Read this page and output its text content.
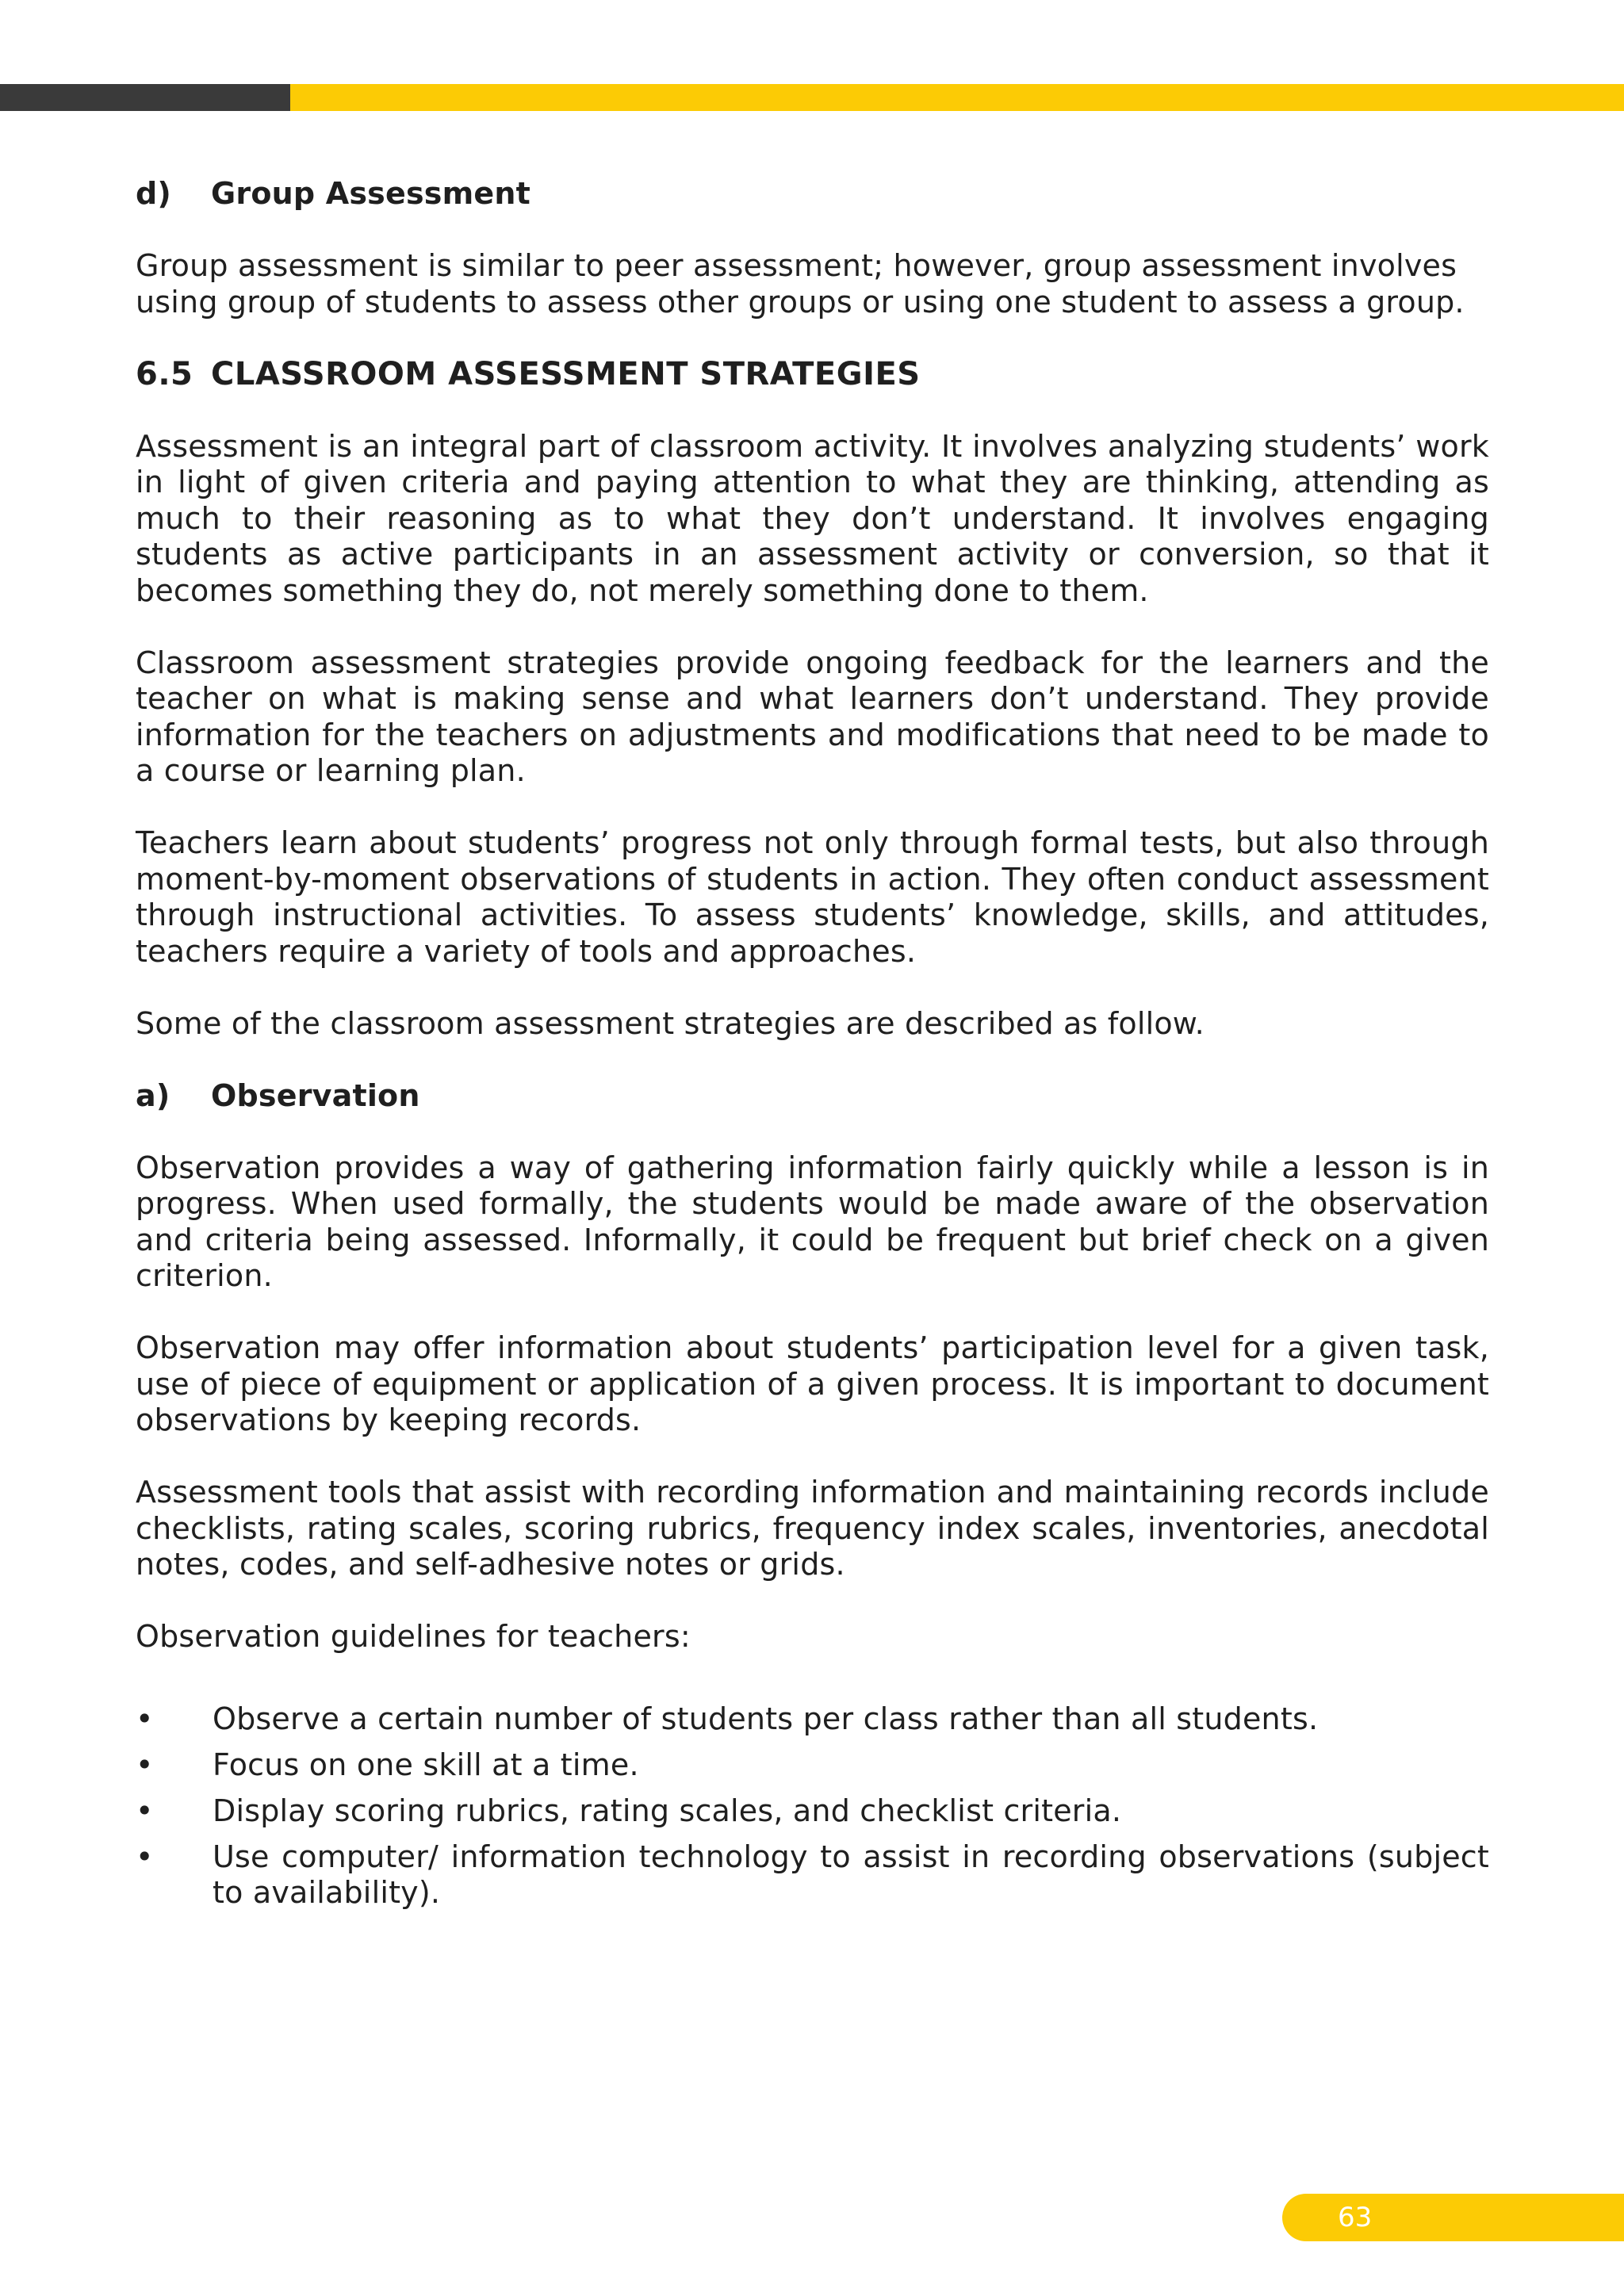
d)	Group Assessment

Group assessment is similar to peer assessment; however, group assessment involves using group of students to assess other groups or using one student to assess a group.

6.5 CLASSROOM ASSESSMENT STRATEGIES

Assessment is an integral part of classroom activity. It involves analyzing students’ work in light of given criteria and paying attention to what they are thinking, attending as much to their reasoning as to what they don’t understand. It involves engaging students as active participants in an assessment activity or conversion, so that it becomes something they do, not merely something done to them.

Classroom assessment strategies provide ongoing feedback for the learners and the teacher on what is making sense and what learners don’t understand. They provide information for the teachers on adjustments and modifications that need to be made to a course or learning plan.

Teachers learn about students’ progress not only through formal tests, but also through moment-by-moment observations of students in action. They often conduct assessment through instructional activities. To assess students’ knowledge, skills, and attitudes, teachers require a variety of tools and approaches.

Some of the classroom assessment strategies are described as follow.

a)	Observation

Observation provides a way of gathering information fairly quickly while a lesson is in progress. When used formally, the students would be made aware of the observation and criteria being assessed. Informally, it could be frequent but brief check on a given criterion.

Observation may offer information about students’ participation level for a given task, use of piece of equipment or application of a given process. It is important to document observations by keeping records.

Assessment tools that assist with recording information and maintaining records include checklists, rating scales, scoring rubrics, frequency index scales, inventories, anecdotal notes, codes, and self-adhesive notes or grids.

Observation guidelines for teachers:

•	Observe a certain number of students per class rather than all students.
•	Focus on one skill at a time.
•	Display scoring rubrics, rating scales, and checklist criteria.
•	Use computer/ information technology to assist in recording observations (subject to availability).
63
